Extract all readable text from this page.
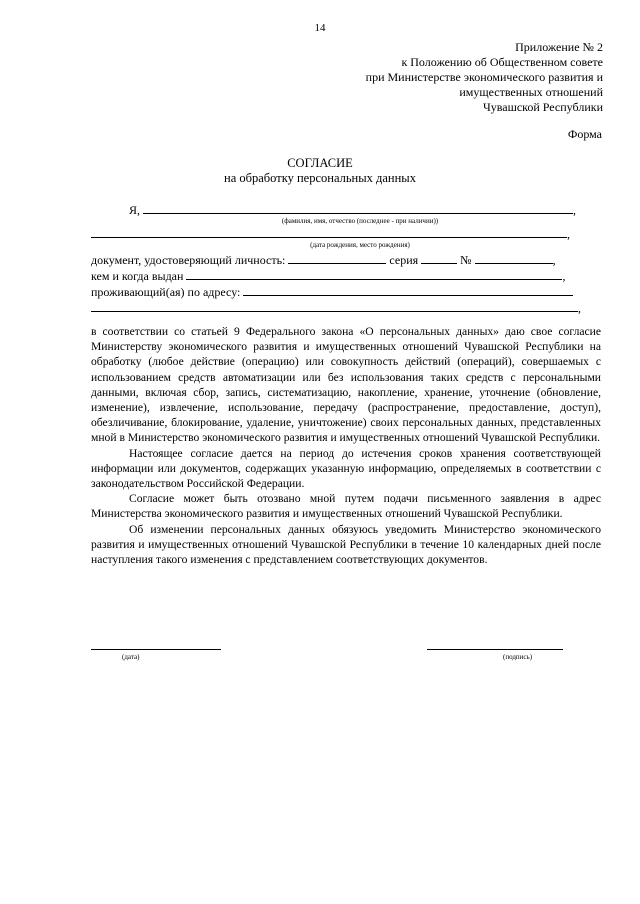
14
Приложение № 2
к Положению об Общественном совете
при Министерстве экономического развития и
имущественных отношений
Чувашской Республики
Форма
СОГЛАСИЕ
на обработку персональных данных
Я,	,
(фамилия, имя, отчество (последнее - при наличии))
,
(дата рождения, место рождения)
документ, удостоверяющий личность:	серия	№	,
кем и когда выдан	,
проживающий(ая) по адресу:
,

в соответствии со статьей 9 Федерального закона «О персональных данных» даю свое согласие Министерству экономического развития и имущественных отношений Чувашской Республики на обработку (любое действие (операцию) или совокупность действий (операций), совершаемых с использованием средств автоматизации или без использования таких средств с персональными данными, включая сбор, запись, систематизацию, накопление, хранение, уточнение (обновление, изменение), извлечение, использование, передачу (распространение, предоставление, доступ), обезличивание, блокирование, удаление, уничтожение) своих персональных данных, представленных мной в Министерство экономического развития и имущественных отношений Чувашской Республики.

Настоящее согласие дается на период до истечения сроков хранения соответствующей информации или документов, содержащих указанную информацию, определяемых в соответствии с законодательством Российской Федерации.

Согласие может быть отозвано мной путем подачи письменного заявления в адрес Министерства экономического развития и имущественных отношений Чувашской Республики.

Об изменении персональных данных обязуюсь уведомить Министерство экономического развития и имущественных отношений Чувашской Республики в течение 10 календарных дней после наступления такого изменения с представлением соответствующих документов.

(дата)	(подпись)
